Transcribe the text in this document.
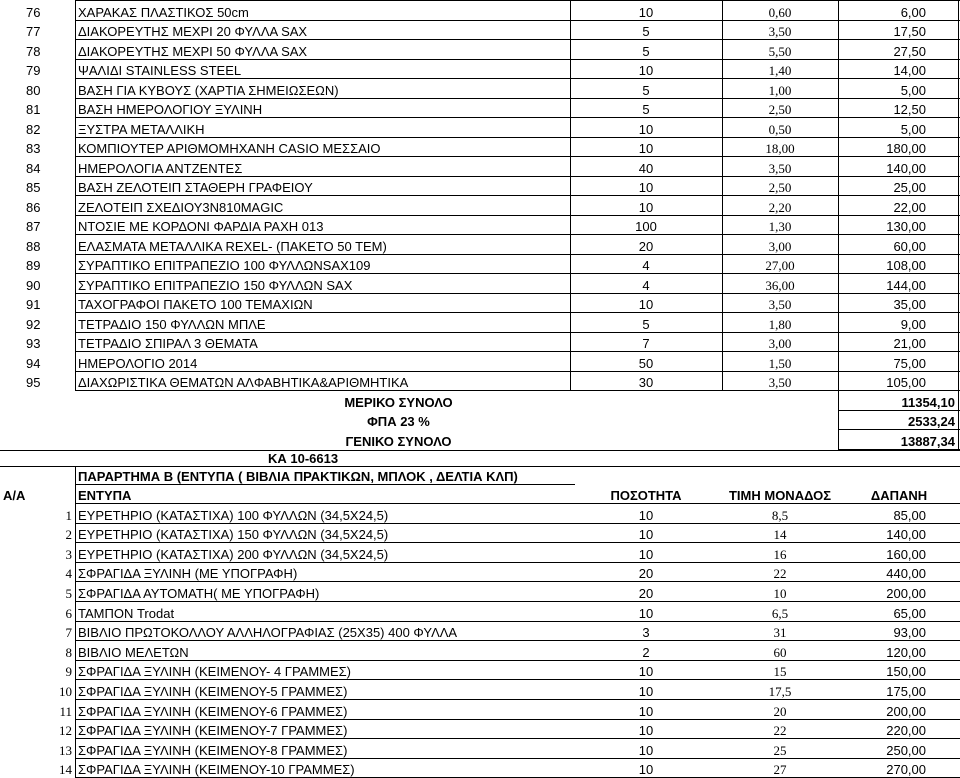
76	ΧΑΡΑΚΑΣ ΠΛΑΣΤΙΚΟΣ 50cm	10	0,60	6,00
77	ΔΙΑΚΟΡΕΥΤΗΣ ΜΕΧΡΙ 20 ΦΥΛΛΑ SAX	5	3,50	17,50
78	ΔΙΑΚΟΡΕΥΤΗΣ ΜΕΧΡΙ 50 ΦΥΛΛΑ SAX	5	5,50	27,50
79	ΨΑΛΙΔΙ STAINLESS STEEL	10	1,40	14,00
80	ΒΑΣΗ ΓΙΑ ΚΥΒΟΥΣ (ΧΑΡΤΙΑ ΣΗΜΕΙΩΣΕΩΝ)	5	1,00	5,00
81	ΒΑΣΗ ΗΜΕΡΟΛΟΓΙΟΥ ΞΥΛΙΝΗ	5	2,50	12,50
82	ΞΥΣΤΡΑ ΜΕΤΑΛΛΙΚΗ	10	0,50	5,00
83	ΚΟΜΠΙΟΥΤΕΡ ΑΡΙΘΜΟΜΗΧΑΝΗ CASIO ΜΕΣΣΑΙΟ	10	18,00	180,00
84	ΗΜΕΡΟΛΟΓΙΑ ΑΝΤΖΕΝΤΕΣ	40	3,50	140,00
85	ΒΑΣΗ ΖΕΛΟΤΕΙΠ ΣΤΑΘΕΡΗ ΓΡΑΦΕΙΟΥ	10	2,50	25,00
86	ΖΕΛΟΤΕΙΠ ΣΧΕΔΙΟΥ3Ν810MAGIC	10	2,20	22,00
87	ΝΤΟΣΙΕ ΜΕ ΚΟΡΔΟΝΙ ΦΑΡΔΙΑ ΡΑΧΗ 013	100	1,30	130,00
88	ΕΛΑΣΜΑΤΑ ΜΕΤΑΛΛΙΚΑ REXEL- (ΠΑΚΕΤΟ 50 ΤΕΜ)	20	3,00	60,00
89	ΣΥΡΑΠΤΙΚΟ ΕΠΙΤΡΑΠΕΖΙΟ 100 ΦΥΛΛΩΝSAX109	4	27,00	108,00
90	ΣΥΡΑΠΤΙΚΟ ΕΠΙΤΡΑΠΕΖΙΟ 150 ΦΥΛΛΩΝ SAX	4	36,00	144,00
91	ΤΑΧΟΓΡΑΦΟΙ ΠΑΚΕΤΟ 100 ΤΕΜΑΧΙΩΝ	10	3,50	35,00
92	ΤΕΤΡΑΔΙΟ 150 ΦΥΛΛΩΝ ΜΠΛΕ	5	1,80	9,00
93	ΤΕΤΡΑΔΙΟ ΣΠΙΡΑΛ 3 ΘΕΜΑΤΑ	7	3,00	21,00
94	ΗΜΕΡΟΛΟΓΙΟ 2014	50	1,50	75,00
95	ΔΙΑΧΩΡΙΣΤΙΚΑ ΘΕΜΑΤΩΝ ΑΛΦΑΒΗΤΙΚΑ&ΑΡΙΘΜΗΤΙΚΑ	30	3,50	105,00
ΜΕΡΙΚΟ ΣΥΝΟΛΟ	11354,10
ΦΠΑ 23 %	2533,24
ΓΕΝΙΚΟ ΣΥΝΟΛΟ	13887,34
ΚΑ 10-6613
ΠΑΡΑΡΤΗΜΑ Β (ΕΝΤΥΠΑ ( ΒΙΒΛΙΑ ΠΡΑΚΤΙΚΩΝ, ΜΠΛΟΚ , ΔΕΛΤΙΑ ΚΛΠ)
Α/Α	ΕΝΤΥΠΑ	ΠΟΣΟΤΗΤΑ	ΤΙΜΗ ΜΟΝΑΔΟΣ	ΔΑΠΑΝΗ
1 ΕΥΡΕΤΗΡΙΟ (ΚΑΤΑΣΤΙΧΑ) 100 ΦΥΛΛΩΝ (34,5Χ24,5)	10	8,5	85,00
2 ΕΥΡΕΤΗΡΙΟ (ΚΑΤΑΣΤΙΧΑ) 150 ΦΥΛΛΩΝ (34,5Χ24,5)	10	14	140,00
3 ΕΥΡΕΤΗΡΙΟ (ΚΑΤΑΣΤΙΧΑ) 200 ΦΥΛΛΩΝ (34,5Χ24,5)	10	16	160,00
4 ΣΦΡΑΓΙΔΑ ΞΥΛΙΝΗ (ΜΕ ΥΠΟΓΡΑΦΗ)	20	22	440,00
5 ΣΦΡΑΓΙΔΑ ΑΥΤΟΜΑΤΗ( ΜΕ ΥΠΟΓΡΑΦΗ)	20	10	200,00
6 ΤΑΜΠΟΝ Trodat	10	6,5	65,00
7 ΒΙΒΛΙΟ ΠΡΩΤΟΚΟΛΛΟΥ ΑΛΛΗΛΟΓΡΑΦΙΑΣ (25Χ35) 400 ΦΥΛΛΑ	3	31	93,00
8 ΒΙΒΛΙΟ ΜΕΛΕΤΩΝ	2	60	120,00
9 ΣΦΡΑΓΙΔΑ ΞΥΛΙΝΗ (ΚΕΙΜΕΝΟΥ- 4 ΓΡΑΜΜΕΣ)	10	15	150,00
10 ΣΦΡΑΓΙΔΑ ΞΥΛΙΝΗ (ΚΕΙΜΕΝΟΥ-5 ΓΡΑΜΜΕΣ)	10	17,5	175,00
11 ΣΦΡΑΓΙΔΑ ΞΥΛΙΝΗ (ΚΕΙΜΕΝΟΥ-6 ΓΡΑΜΜΕΣ)	10	20	200,00
12 ΣΦΡΑΓΙΔΑ ΞΥΛΙΝΗ (ΚΕΙΜΕΝΟΥ-7 ΓΡΑΜΜΕΣ)	10	22	220,00
13 ΣΦΡΑΓΙΔΑ ΞΥΛΙΝΗ (ΚΕΙΜΕΝΟΥ-8 ΓΡΑΜΜΕΣ)	10	25	250,00
14 ΣΦΡΑΓΙΔΑ ΞΥΛΙΝΗ (ΚΕΙΜΕΝΟΥ-10 ΓΡΑΜΜΕΣ)	10	27	270,00
